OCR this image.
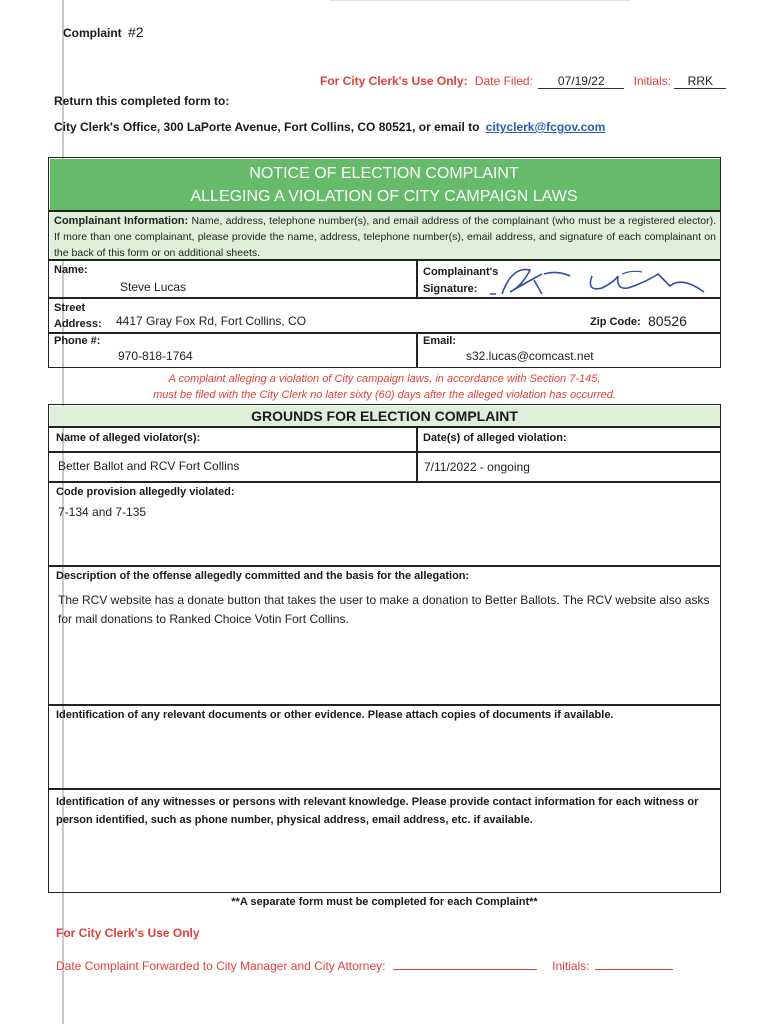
Complaint #2
For City Clerk's Use Only: Date Filed: 07/19/22 Initials: RRK
Return this completed form to:
City Clerk's Office, 300 LaPorte Avenue, Fort Collins, CO 80521, or email to cityclerk@fcgov.com
NOTICE OF ELECTION COMPLAINT
ALLEGING A VIOLATION OF CITY CAMPAIGN LAWS
Complainant Information: Name, address, telephone number(s), and email address of the complainant (who must be a registered elector). If more than one complainant, please provide the name, address, telephone number(s), email address, and signature of each complainant on the back of this form or on additional sheets.
Name:
Steve Lucas
Complainant's
Signature:
Street
Address: 4417 Gray Fox Rd, Fort Collins, CO	Zip Code: 80526
Phone #:
970-818-1764
Email:
s32.lucas@comcast.net
A complaint alleging a violation of City campaign laws, in accordance with Section 7-145,
must be filed with the City Clerk no later sixty (60) days after the alleged violation has occurred.
GROUNDS FOR ELECTION COMPLAINT
Name of alleged violator(s):	Date(s) of alleged violation:
Better Ballot and RCV Fort Collins	7/11/2022 - ongoing
Code provision allegedly violated:
7-134 and 7-135
Description of the offense allegedly committed and the basis for the allegation:
The RCV website has a donate button that takes the user to make a donation to Better Ballots. The RCV website also asks for mail donations to Ranked Choice Votin Fort Collins.
Identification of any relevant documents or other evidence. Please attach copies of documents if available.
Identification of any witnesses or persons with relevant knowledge. Please provide contact information for each witness or person identified, such as phone number, physical address, email address, etc. if available.
**A separate form must be completed for each Complaint**
For City Clerk's Use Only
Date Complaint Forwarded to City Manager and City Attorney:	Initials:
